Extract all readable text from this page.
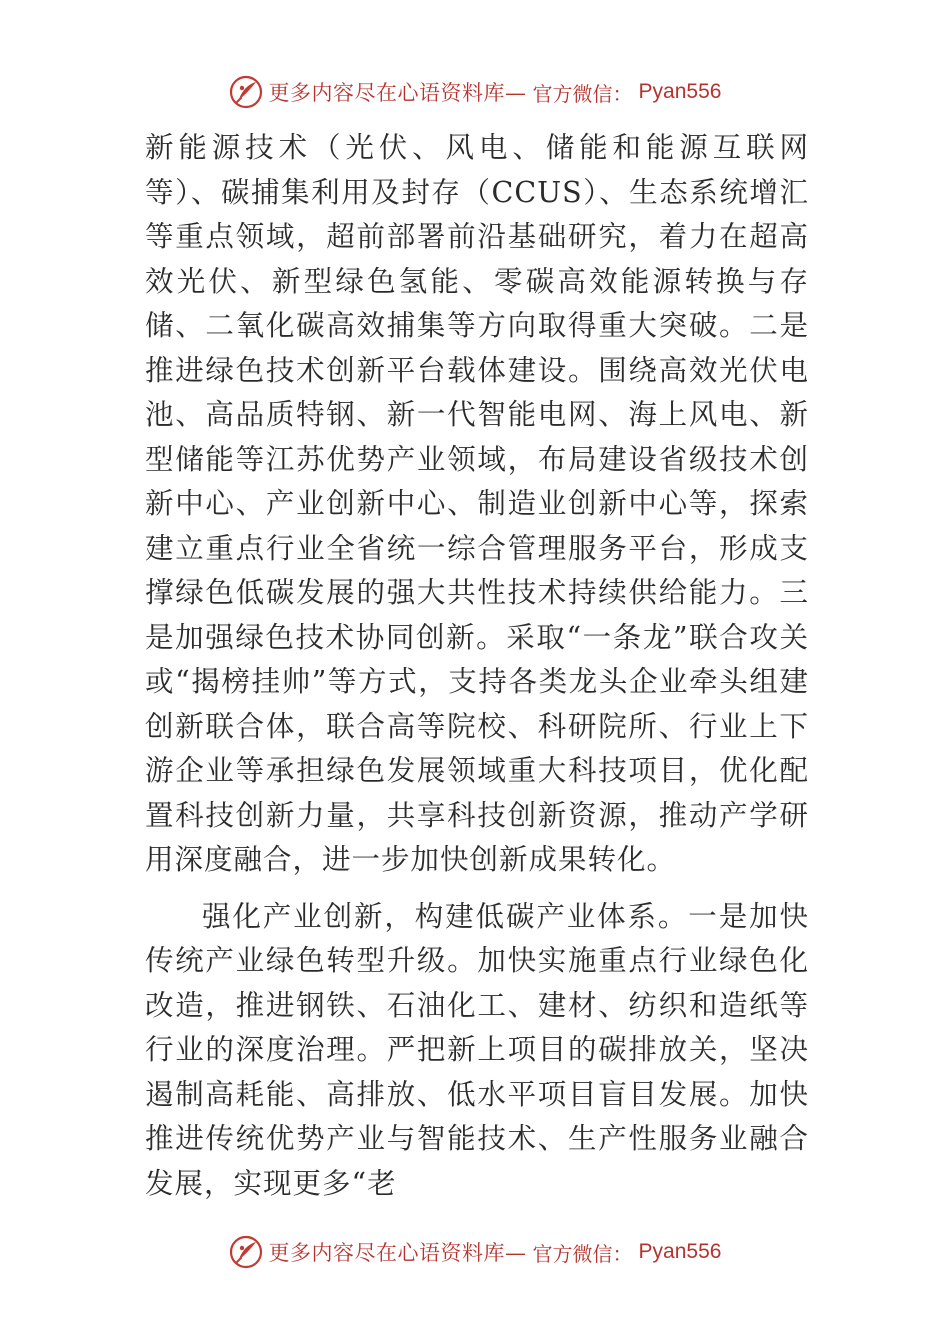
更多内容尽在心语资料库— 官方微信： Pyan556

新能源技术（光伏、风电、储能和能源互联网等）、碳捕集利用及封存（CCUS）、生态系统增汇等重点领域，超前部署前沿基础研究，着力在超高效光伏、新型绿色氢能、零碳高效能源转换与存储、二氧化碳高效捕集等方向取得重大突破。二是推进绿色技术创新平台载体建设。围绕高效光伏电池、高品质特钢、新一代智能电网、海上风电、新型储能等江苏优势产业领域，布局建设省级技术创新中心、产业创新中心、制造业创新中心等，探索建立重点行业全省统一综合管理服务平台，形成支撑绿色低碳发展的强大共性技术持续供给能力。三是加强绿色技术协同创新。采取“一条龙”联合攻关或“揭榜挂帅”等方式，支持各类龙头企业牵头组建创新联合体，联合高等院校、科研院所、行业上下游企业等承担绿色发展领域重大科技项目，优化配置科技创新力量，共享科技创新资源，推动产学研用深度融合，进一步加快创新成果转化。

强化产业创新，构建低碳产业体系。一是加快传统产业绿色转型升级。加快实施重点行业绿色化改造，推进钢铁、石油化工、建材、纺织和造纸等行业的深度治理。严把新上项目的碳排放关，坚决遏制高耗能、高排放、低水平项目盲目发展。加快推进传统优势产业与智能技术、生产性服务业融合发展，实现更多“老

更多内容尽在心语资料库— 官方微信： Pyan556
